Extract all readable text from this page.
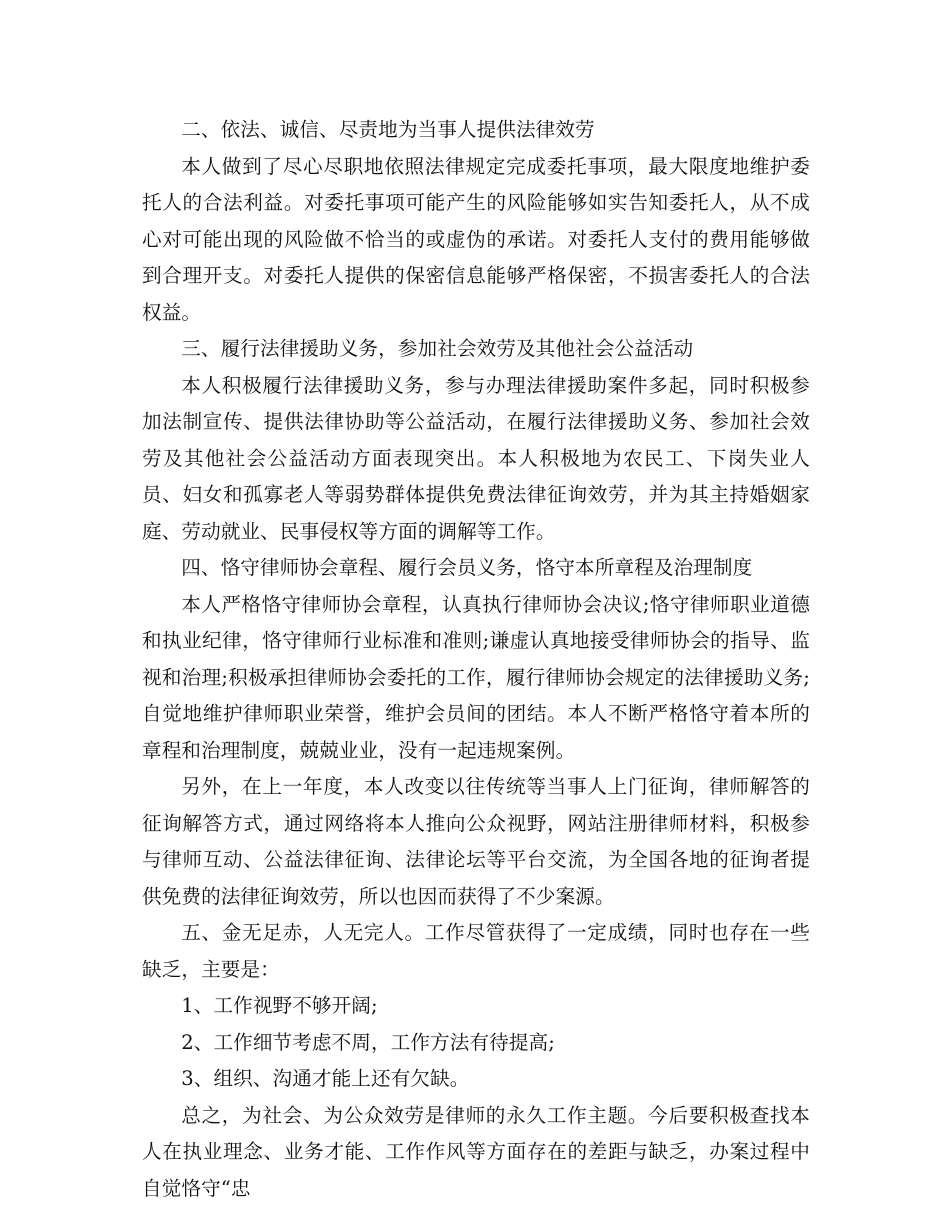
二、依法、诚信、尽责地为当事人提供法律效劳

本人做到了尽心尽职地依照法律规定完成委托事项，最大限度地维护委托人的合法利益。对委托事项可能产生的风险能够如实告知委托人，从不成心对可能出现的风险做不恰当的或虚伪的承诺。对委托人支付的费用能够做到合理开支。对委托人提供的保密信息能够严格保密，不损害委托人的合法权益。

三、履行法律援助义务，参加社会效劳及其他社会公益活动

本人积极履行法律援助义务，参与办理法律援助案件多起，同时积极参加法制宣传、提供法律协助等公益活动，在履行法律援助义务、参加社会效劳及其他社会公益活动方面表现突出。本人积极地为农民工、下岗失业人员、妇女和孤寡老人等弱势群体提供免费法律征询效劳，并为其主持婚姻家庭、劳动就业、民事侵权等方面的调解等工作。

四、恪守律师协会章程、履行会员义务，恪守本所章程及治理制度

本人严格恪守律师协会章程，认真执行律师协会决议;恪守律师职业道德和执业纪律，恪守律师行业标准和准则;谦虚认真地接受律师协会的指导、监视和治理;积极承担律师协会委托的工作，履行律师协会规定的法律援助义务;自觉地维护律师职业荣誉，维护会员间的团结。本人不断严格恪守着本所的章程和治理制度，兢兢业业，没有一起违规案例。

另外，在上一年度，本人改变以往传统等当事人上门征询，律师解答的征询解答方式，通过网络将本人推向公众视野，网站注册律师材料，积极参与律师互动、公益法律征询、法律论坛等平台交流，为全国各地的征询者提供免费的法律征询效劳，所以也因而获得了不少案源。

五、金无足赤，人无完人。工作尽管获得了一定成绩，同时也存在一些缺乏，主要是：

1、工作视野不够开阔;

2、工作细节考虑不周，工作方法有待提高;

3、组织、沟通才能上还有欠缺。

总之，为社会、为公众效劳是律师的永久工作主题。今后要积极查找本人在执业理念、业务才能、工作作风等方面存在的差距与缺乏，办案过程中自觉恪守“忠
